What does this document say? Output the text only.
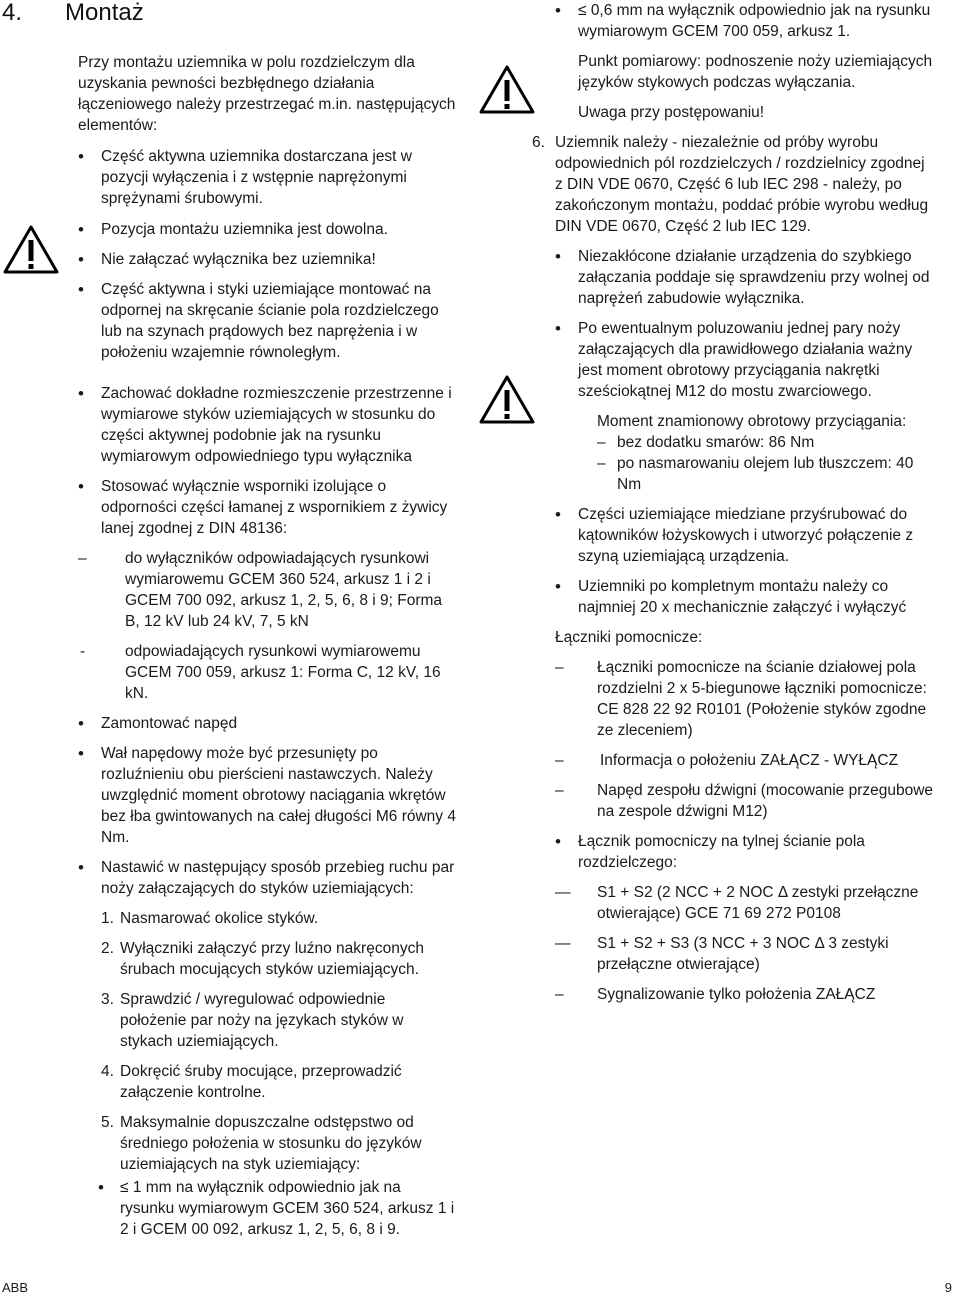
4. Montaż

Przy montażu uziemnika w polu rozdzielczym dla uzyskania pewności bezbłędnego działania łączeniowego należy przestrzegać m.in. następujących elementów:

• Część aktywna uziemnika dostarczana jest w pozycji wyłączenia i z wstępnie naprężonymi sprężynami śrubowymi.
• Pozycja montażu uziemnika jest dowolna.
• Nie załączać wyłącznika bez uziemnika!
• Część aktywna i styki uziemiające montować na odpornej na skręcanie ścianie pola rozdzielczego lub na szynach prądowych bez naprężenia i w położeniu wzajemnie równoległym.
• Zachować dokładne rozmieszczenie przestrzenne i wymiarowe styków uziemiających w stosunku do części aktywnej podobnie jak na rysunku wymiarowym odpowiedniego typu wyłącznika
• Stosować wyłącznie wsporniki izolujące o odporności części łamanej z wspornikiem z żywicy lanej zgodnej z DIN 48136:
– do wyłączników odpowiadających rysunkowi wymiarowemu GCEM 360 524, arkusz 1 i 2 i GCEM 700 092, arkusz 1, 2, 5, 6, 8 i 9; Forma B, 12 kV lub 24 kV, 7, 5 kN
- odpowiadających rysunkowi wymiarowemu GCEM 700 059, arkusz 1: Forma C, 12 kV, 16 kN.
• Zamontować napęd
• Wał napędowy może być przesunięty po rozluźnieniu obu pierścieni nastawczych. Należy uwzględnić moment obrotowy naciągania wkrętów bez łba gwintowanych na całej długości M6 równy 4 Nm.
• Nastawić w następujący sposób przebieg ruchu par noży załączających do styków uziemiających:
1. Nasmarować okolice styków.
2. Wyłączniki załączyć przy luźno nakręconych śrubach mocujących styków uziemiających.
3. Sprawdzić / wyregulować odpowiednie położenie par noży na językach styków w stykach uziemiających.
4. Dokręcić śruby mocujące, przeprowadzić załączenie kontrolne.
5. Maksymalnie dopuszczalne odstępstwo od średniego położenia w stosunku do języków uziemiających na styk uziemiający:
• ≤ 1 mm na wyłącznik odpowiednio jak na rysunku wymiarowym GCEM 360 524, arkusz 1 i 2 i GCEM 00 092, arkusz 1, 2, 5, 6, 8 i 9.
• ≤ 0,6 mm na wyłącznik odpowiednio jak na rysunku wymiarowym GCEM 700 059, arkusz 1.

Punkt pomiarowy: podnoszenie noży uziemiających języków stykowych podczas wyłączania.

Uwaga przy postępowaniu!

6. Uziemnik należy - niezależnie od próby wyrobu odpowiednich pól rozdzielczych / rozdzielnicy zgodnej z DIN VDE 0670, Część 6 lub IEC 298 - należy, po zakończonym montażu, poddać próbie wyrobu według DIN VDE 0670, Część 2 lub IEC 129.
• Niezakłócone działanie urządzenia do szybkiego załączania poddaje się sprawdzeniu przy wolnej od naprężeń zabudowie wyłącznika.
• Po ewentualnym poluzowaniu jednej pary noży załączających dla prawidłowego działania ważny jest moment obrotowy przyciągania nakrętki sześciokątnej M12 do mostu zwarciowego.

Moment znamionowy obrotowy przyciągania:

– bez dodatku smarów: 86 Nm
– po nasmarowaniu olejem lub tłuszczem: 40 Nm
• Części uziemiające miedziane przyśrubować do kątowników łożyskowych i utworzyć połączenie z szyną uziemiającą urządzenia.
• Uziemniki po kompletnym montażu należy co najmniej 20 x mechanicznie załączyć i wyłączyć

Łączniki pomocnicze:

– Łączniki pomocnicze na ścianie działowej pola rozdzielni 2 x 5-biegunowe łączniki pomocnicze: CE 828 22 92 R0101 (Położenie styków zgodne ze zleceniem)
– Informacja o położeniu ZAŁĄCZ - WYŁĄCZ
– Napęd zespołu dźwigni (mocowanie przegubowe na zespole dźwigni M12)
• Łącznik pomocniczy na tylnej ścianie pola rozdzielczego:
— S1 + S2 (2 NCC + 2 NOC Δ zestyki przełączne otwierające) GCE 71 69 272 P0108
— S1 + S2 + S3 (3 NCC + 3 NOC Δ 3 zestyki przełączne otwierające)
– Sygnalizowanie tylko położenia ZAŁĄCZ
ABB	9
